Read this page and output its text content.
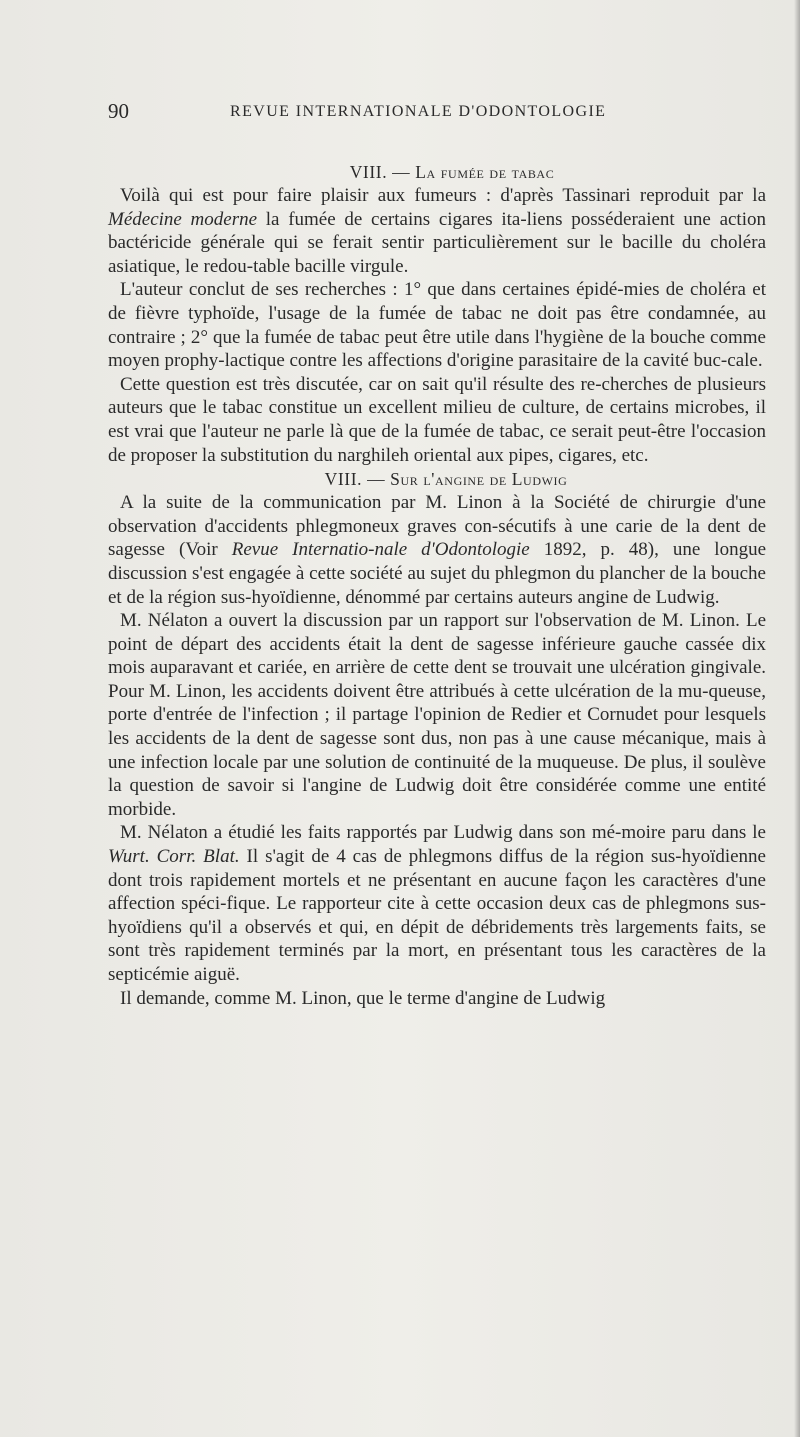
90	REVUE INTERNATIONALE D'ODONTOLOGIE
VIII. — La fumée de tabac

Voilà qui est pour faire plaisir aux fumeurs : d'après Tassinari reproduit par la Médecine moderne la fumée de certains cigares ita-liens posséderaient une action bactéricide générale qui se ferait sentir particulièrement sur le bacille du choléra asiatique, le redou-table bacille virgule.

L'auteur conclut de ses recherches : 1° que dans certaines épidé-mies de choléra et de fièvre typhoïde, l'usage de la fumée de tabac ne doit pas être condamnée, au contraire ; 2° que la fumée de tabac peut être utile dans l'hygiène de la bouche comme moyen prophy-lactique contre les affections d'origine parasitaire de la cavité buc-cale.

Cette question est très discutée, car on sait qu'il résulte des re-cherches de plusieurs auteurs que le tabac constitue un excellent milieu de culture, de certains microbes, il est vrai que l'auteur ne parle là que de la fumée de tabac, ce serait peut-être l'occasion de proposer la substitution du narghileh oriental aux pipes, cigares, etc.

VIII. — Sur l'angine de Ludwig

A la suite de la communication par M. Linon à la Société de chirurgie d'une observation d'accidents phlegmoneux graves con-sécutifs à une carie de la dent de sagesse (Voir Revue Internatio-nale d'Odontologie 1892, p. 48), une longue discussion s'est engagée à cette société au sujet du phlegmon du plancher de la bouche et de la région sus-hyoïdienne, dénommé par certains auteurs angine de Ludwig.

M. Nélaton a ouvert la discussion par un rapport sur l'observation de M. Linon. Le point de départ des accidents était la dent de sagesse inférieure gauche cassée dix mois auparavant et cariée, en arrière de cette dent se trouvait une ulcération gingivale. Pour M. Linon, les accidents doivent être attribués à cette ulcération de la mu-queuse, porte d'entrée de l'infection ; il partage l'opinion de Redier et Cornudet pour lesquels les accidents de la dent de sagesse sont dus, non pas à une cause mécanique, mais à une infection locale par une solution de continuité de la muqueuse. De plus, il soulève la question de savoir si l'angine de Ludwig doit être considérée comme une entité morbide.

M. Nélaton a étudié les faits rapportés par Ludwig dans son mé-moire paru dans le Wurt. Corr. Blat. Il s'agit de 4 cas de phlegmons diffus de la région sus-hyoïdienne dont trois rapidement mortels et ne présentant en aucune façon les caractères d'une affection spéci-fique. Le rapporteur cite à cette occasion deux cas de phlegmons sus-hyoïdiens qu'il a observés et qui, en dépit de débridements très largements faits, se sont très rapidement terminés par la mort, en présentant tous les caractères de la septicémie aiguë.

Il demande, comme M. Linon, que le terme d'angine de Ludwig
